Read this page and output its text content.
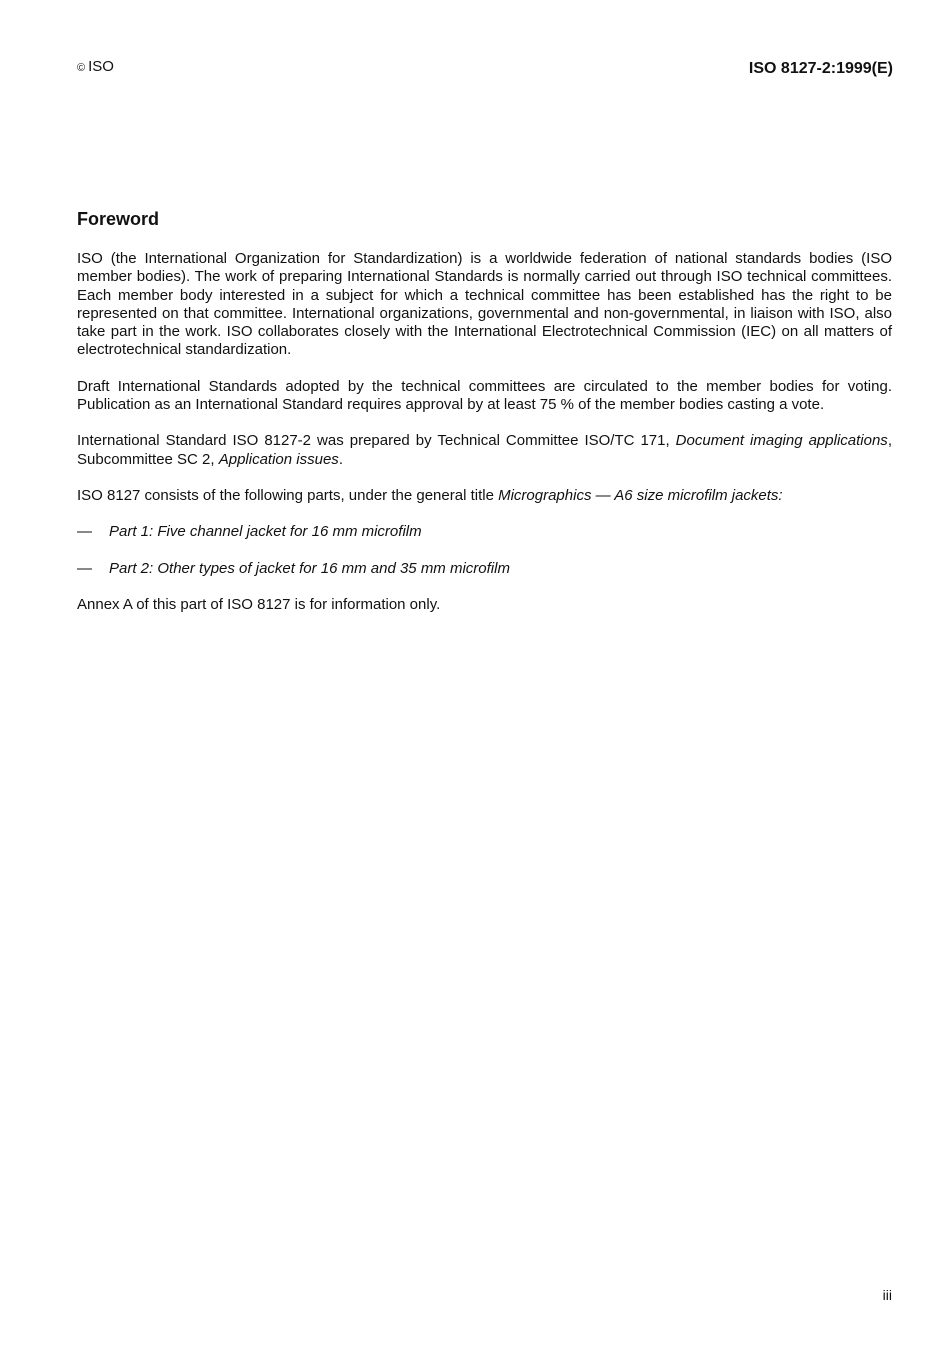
© ISO	ISO 8127-2:1999(E)
Foreword

ISO (the International Organization for Standardization) is a worldwide federation of national standards bodies (ISO member bodies). The work of preparing International Standards is normally carried out through ISO technical committees. Each member body interested in a subject for which a technical committee has been established has the right to be represented on that committee. International organizations, governmental and non-governmental, in liaison with ISO, also take part in the work. ISO collaborates closely with the International Electrotechnical Commission (IEC) on all matters of electrotechnical standardization.

Draft International Standards adopted by the technical committees are circulated to the member bodies for voting. Publication as an International Standard requires approval by at least 75 % of the member bodies casting a vote.

International Standard ISO 8127-2 was prepared by Technical Committee ISO/TC 171, Document imaging applications, Subcommittee SC 2, Application issues.

ISO 8127 consists of the following parts, under the general title Micrographics — A6 size microfilm jackets:

—	Part 1: Five channel jacket for 16 mm microfilm
—	Part 2: Other types of jacket for 16 mm and 35 mm microfilm

Annex A of this part of ISO 8127 is for information only.

iii
